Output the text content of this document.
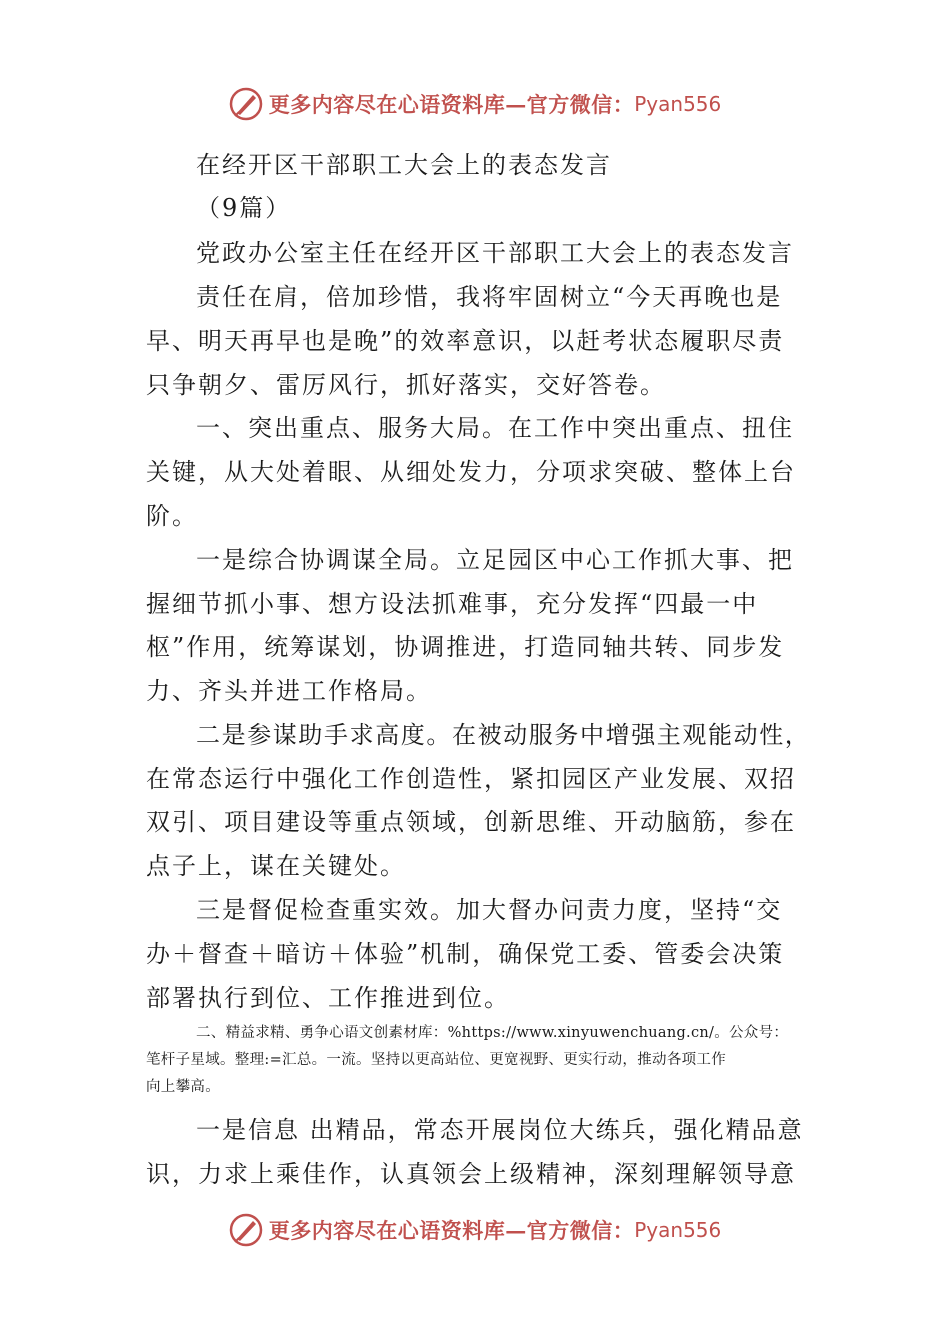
更多内容尽在心语资料库—官方微信： Pyan556
在经开区干部职工大会上的表态发言
（9篇）
党政办公室主任在经开区干部职工大会上的表态发言
责任在肩，倍加珍惜，我将牢固树立“今天再晚也是
早、明天再早也是晚”的效率意识，以赶考状态履职尽责
只争朝夕、雷厉风行，抓好落实，交好答卷。
一、突出重点、服务大局。在工作中突出重点、扭住
关键，从大处着眼、从细处发力，分项求突破、整体上台
阶。
一是综合协调谋全局。立足园区中心工作抓大事、把
握细节抓小事、想方设法抓难事，充分发挥“四最一中
枢”作用，统筹谋划，协调推进，打造同轴共转、同步发
力、齐头并进工作格局。
二是参谋助手求高度。在被动服务中增强主观能动性，
在常态运行中强化工作创造性，紧扣园区产业发展、双招
双引、项目建设等重点领域，创新思维、开动脑筋，参在
点子上，谋在关键处。
三是督促检查重实效。加大督办问责力度，坚持“交
办＋督查＋暗访＋体验”机制，确保党工委、管委会决策
部署执行到位、工作推进到位。
二、精益求精、勇争心语文创素材库：%https://www.xinyuwenchuang.cn/。公众号：
笔杆子星域。整理:=汇总。一流。坚持以更高站位、更宽视野、更实行动，推动各项工作
向上攀高。
一是信息 出精品，常态开展岗位大练兵，强化精品意
识，力求上乘佳作，认真领会上级精神，深刻理解领导意
更多内容尽在心语资料库—官方微信： Pyan556
